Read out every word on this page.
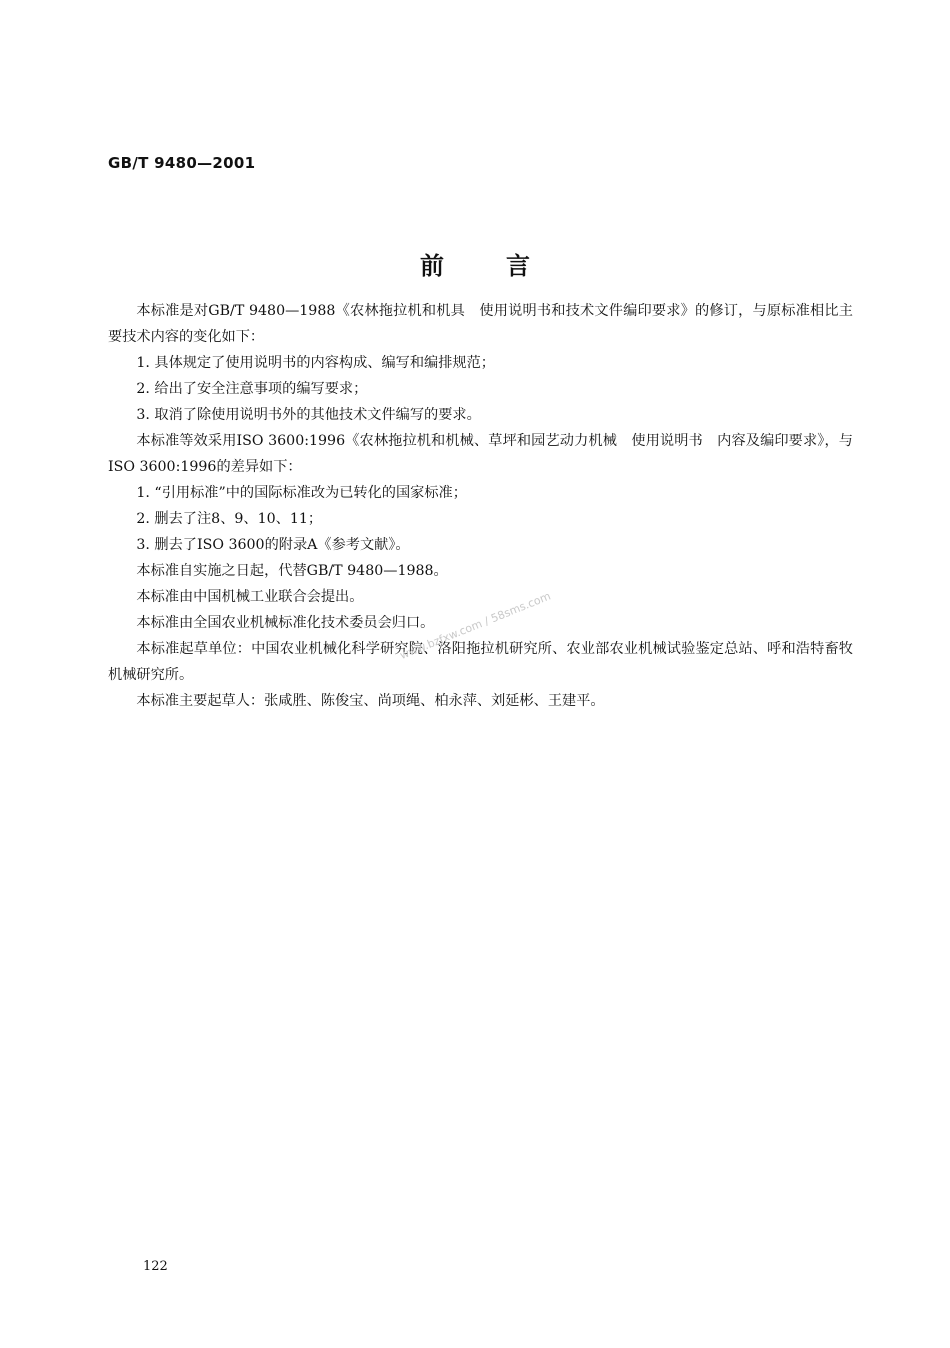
GB/T 9480—2001
前言

本标准是对GB/T 9480—1988《农林拖拉机和机具　使用说明书和技术文件编印要求》的修订，与原标准相比主要技术内容的变化如下：

1. 具体规定了使用说明书的内容构成、编写和编排规范；

2. 给出了安全注意事项的编写要求；

3. 取消了除使用说明书外的其他技术文件编写的要求。

本标准等效采用ISO 3600:1996《农林拖拉机和机械、草坪和园艺动力机械　使用说明书　内容及编印要求》，与ISO 3600:1996的差异如下：

1. “引用标准”中的国际标准改为已转化的国家标准；

2. 删去了注8、9、10、11；

3. 删去了ISO 3600的附录A《参考文献》。

本标准自实施之日起，代替GB/T 9480—1988。

本标准由中国机械工业联合会提出。

本标准由全国农业机械标准化技术委员会归口。

本标准起草单位：中国农业机械化科学研究院、洛阳拖拉机研究所、农业部农业机械试验鉴定总站、呼和浩特畜牧机械研究所。

本标准主要起草人：张咸胜、陈俊宝、尚项绳、柏永萍、刘延彬、王建平。

www.bzfxw.com / 58sms.com
122
